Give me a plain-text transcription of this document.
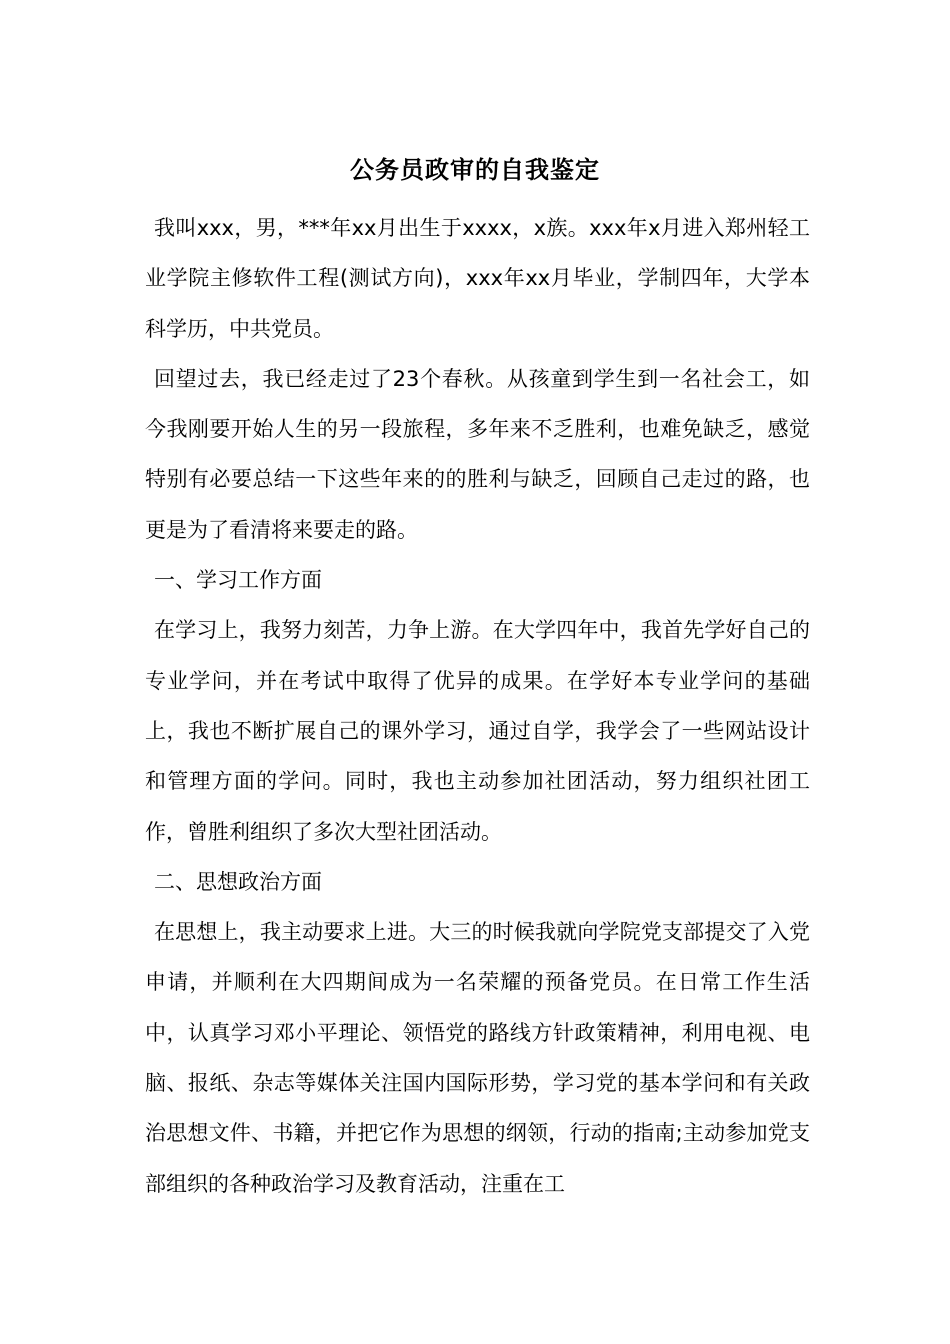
公务员政审的自我鉴定

我叫xxx，男，***年xx月出生于xxxx，x族。xxx年x月进入郑州轻工业学院主修软件工程(测试方向)，xxx年xx月毕业，学制四年，大学本科学历，中共党员。

回望过去，我已经走过了23个春秋。从孩童到学生到一名社会工，如今我刚要开始人生的另一段旅程，多年来不乏胜利，也难免缺乏，感觉特别有必要总结一下这些年来的的胜利与缺乏，回顾自己走过的路，也更是为了看清将来要走的路。

一、学习工作方面

在学习上，我努力刻苦，力争上游。在大学四年中，我首先学好自己的专业学问，并在考试中取得了优异的成果。在学好本专业学问的基础上，我也不断扩展自己的课外学习，通过自学，我学会了一些网站设计和管理方面的学问。同时，我也主动参加社团活动，努力组织社团工作，曾胜利组织了多次大型社团活动。

二、思想政治方面

在思想上，我主动要求上进。大三的时候我就向学院党支部提交了入党申请，并顺利在大四期间成为一名荣耀的预备党员。在日常工作生活中，认真学习邓小平理论、领悟党的路线方针政策精神，利用电视、电脑、报纸、杂志等媒体关注国内国际形势，学习党的基本学问和有关政治思想文件、书籍，并把它作为思想的纲领，行动的指南;主动参加党支部组织的各种政治学习及教育活动，注重在工
